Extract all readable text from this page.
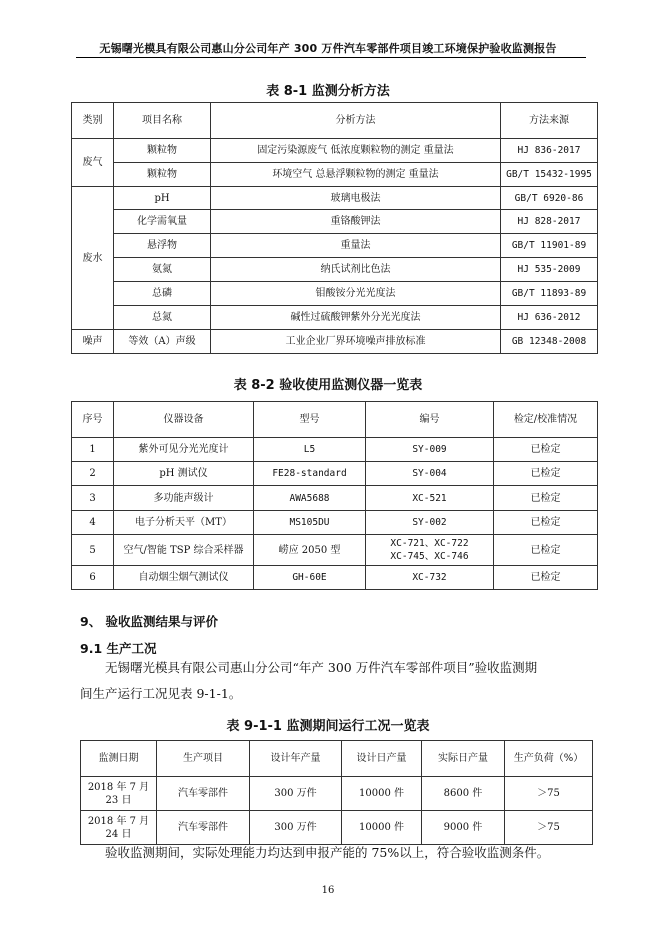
无锡曙光模具有限公司惠山分公司年产 300 万件汽车零部件项目竣工环境保护验收监测报告
表 8-1 监测分析方法
类别	项目名称	分析方法	方法来源
废气	颗粒物	固定污染源废气 低浓度颗粒物的测定 重量法	HJ 836-2017
	颗粒物	环境空气 总悬浮颗粒物的测定 重量法	GB/T 15432-1995
废水	pH	玻璃电极法	GB/T 6920-86
	化学需氧量	重铬酸钾法	HJ 828-2017
	悬浮物	重量法	GB/T 11901-89
	氨氮	纳氏试剂比色法	HJ 535-2009
	总磷	钼酸铵分光光度法	GB/T 11893-89
	总氮	碱性过硫酸钾紫外分光光度法	HJ 636-2012
噪声	等效（A）声级	工业企业厂界环境噪声排放标准	GB 12348-2008
表 8-2 验收使用监测仪器一览表
序号	仪器设备	型号	编号	检定/校准情况
1	紫外可见分光光度计	L5	SY-009	已检定
2	pH 测试仪	FE28-standard	SY-004	已检定
3	多功能声级计	AWA5688	XC-521	已检定
4	电子分析天平（MT）	MS105DU	SY-002	已检定
5	空气/智能 TSP 综合采样器	崂应 2050 型	XC-721、XC-722
XC-745、XC-746	已检定
6	自动烟尘烟气测试仪	GH-60E	XC-732	已检定
9、 验收监测结果与评价
9.1 生产工况
无锡曙光模具有限公司惠山分公司“年产 300 万件汽车零部件项目”验收监测期
间生产运行工况见表 9-1-1。
表 9-1-1 监测期间运行工况一览表
监测日期	生产项目	设计年产量	设计日产量	实际日产量	生产负荷（%）
2018 年 7 月 23 日	汽车零部件	300 万件	10000 件	8600 件	＞75
2018 年 7 月 24 日	汽车零部件	300 万件	10000 件	9000 件	＞75
验收监测期间，实际处理能力均达到申报产能的 75%以上，符合验收监测条件。
16
